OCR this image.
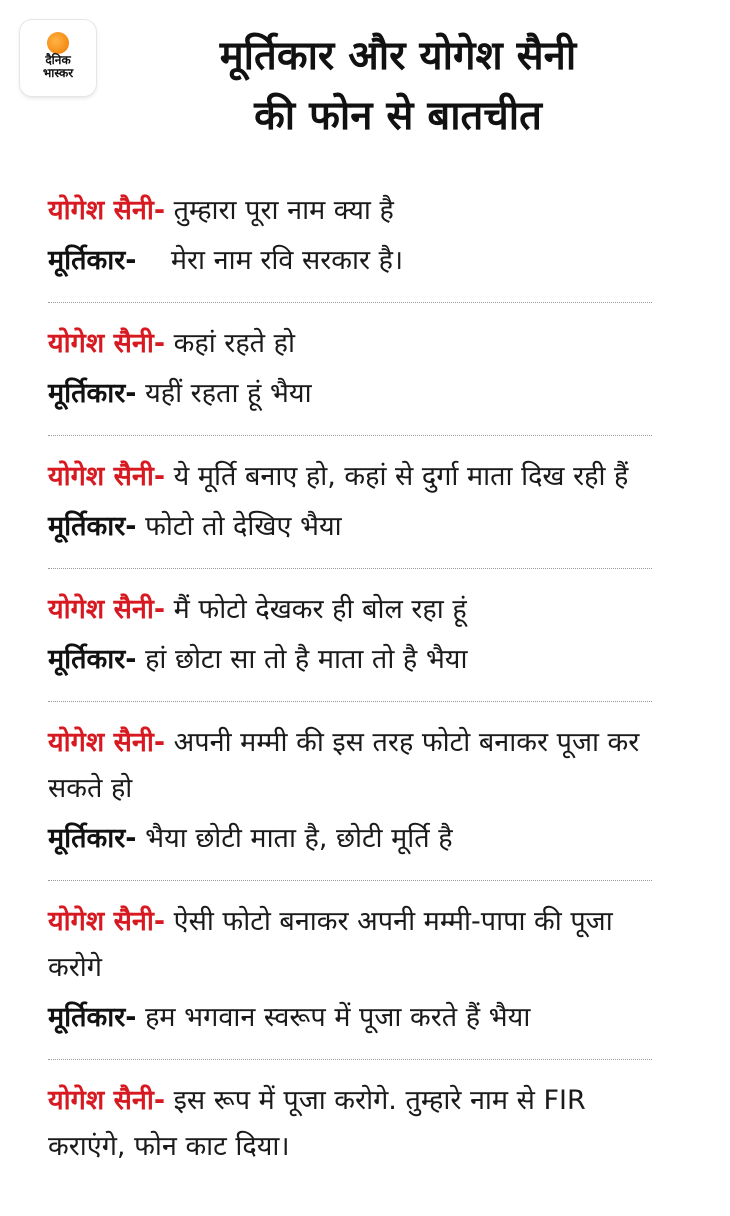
दैनिक
भास्कर	मूर्तिकार और योगेश सैनी
की फोन से बातचीत
योगेश सैनी- तुम्हारा पूरा नाम क्या है
मूर्तिकार-    मेरा नाम रवि सरकार है।
योगेश सैनी- कहां रहते हो
मूर्तिकार- यहीं रहता हूं भैया
योगेश सैनी- ये मूर्ति बनाए हो, कहां से दुर्गा माता दिख रही हैं
मूर्तिकार- फोटो तो देखिए भैया
योगेश सैनी- मैं फोटो देखकर ही बोल रहा हूं
मूर्तिकार- हां छोटा सा तो है माता तो है भैया
योगेश सैनी- अपनी मम्मी की इस तरह फोटो बनाकर पूजा कर सकते हो
मूर्तिकार- भैया छोटी माता है, छोटी मूर्ति है
योगेश सैनी- ऐसी फोटो बनाकर अपनी मम्मी-पापा की पूजा करोगे
मूर्तिकार- हम भगवान स्वरूप में पूजा करते हैं भैया
योगेश सैनी- इस रूप में पूजा करोगे. तुम्हारे नाम से FIR कराएंगे, फोन काट दिया।
